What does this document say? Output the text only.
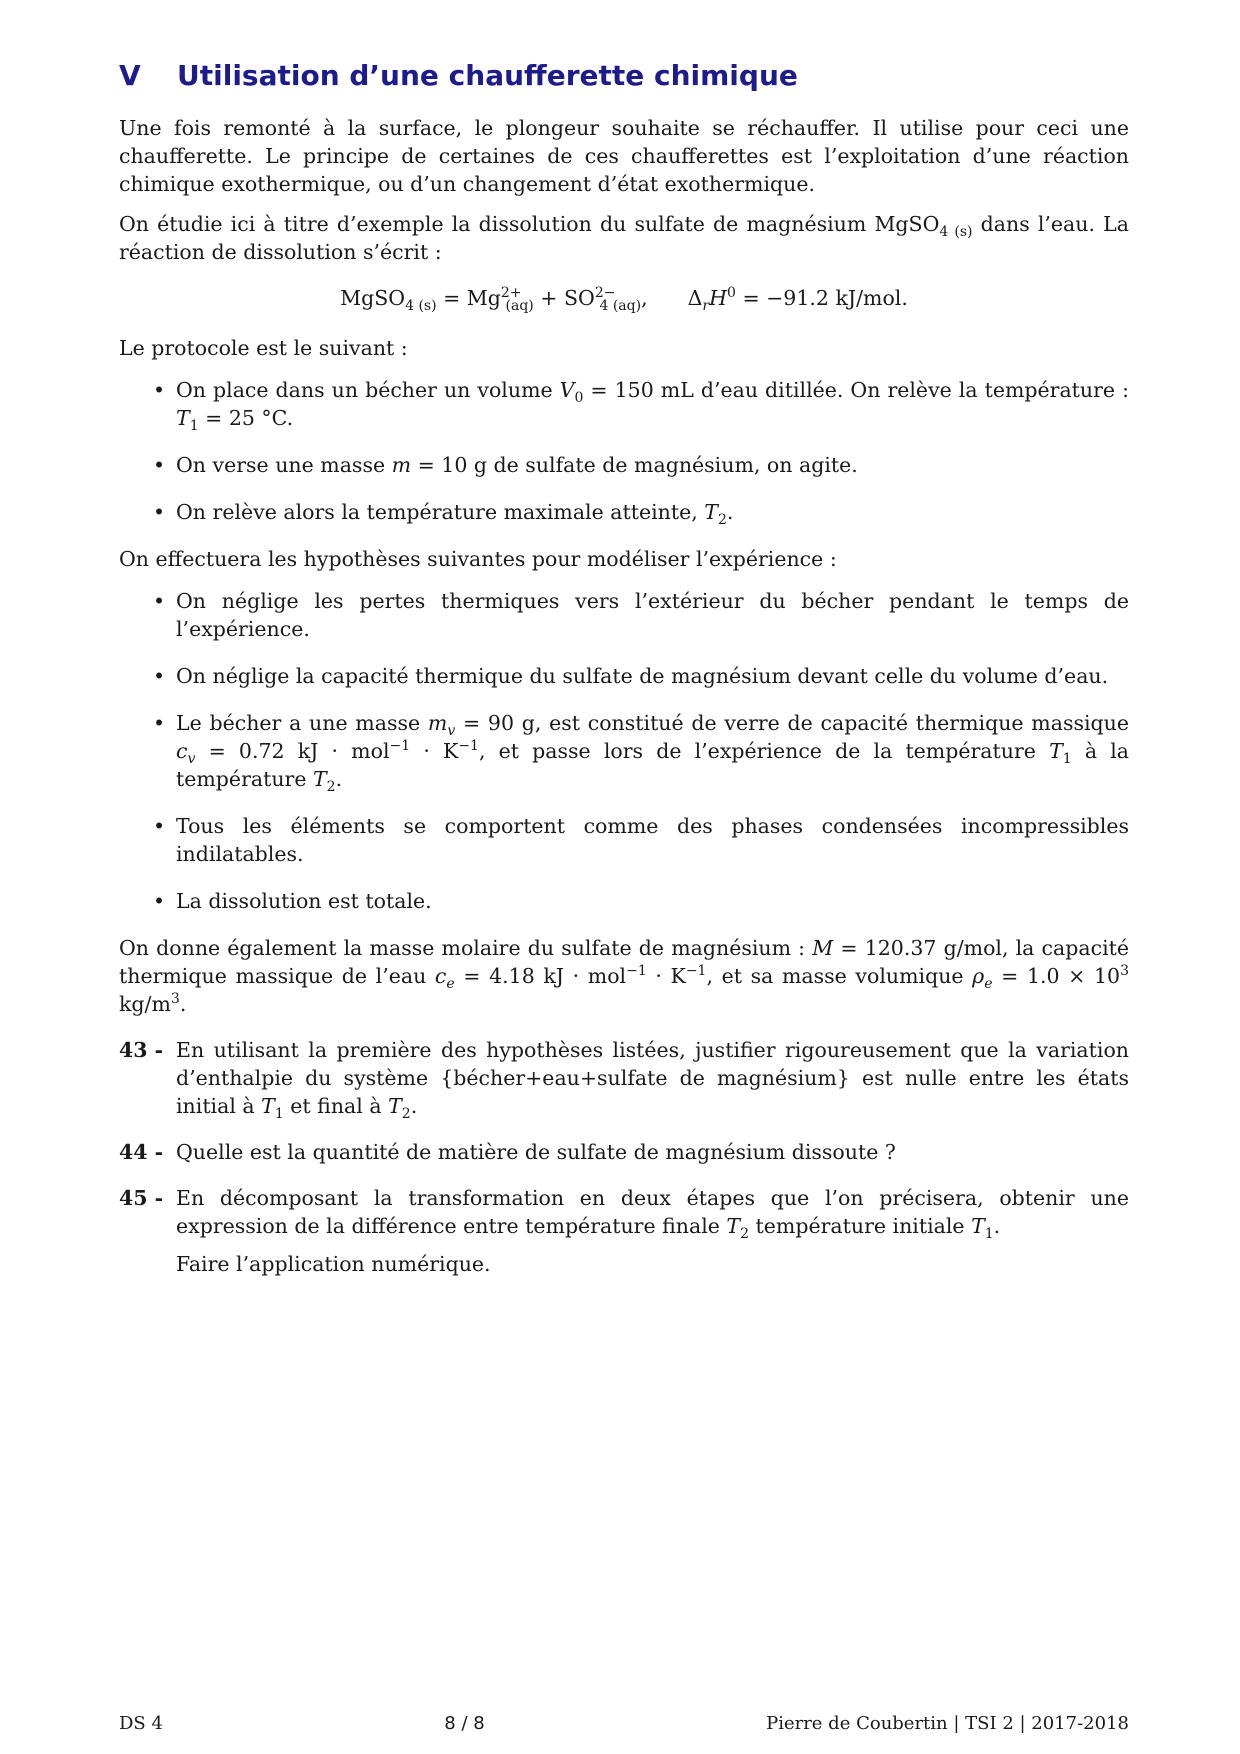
V	Utilisation d’une chaufferette chimique

Une fois remonté à la surface, le plongeur souhaite se réchauffer. Il utilise pour ceci une chaufferette. Le principe de certaines de ces chaufferettes est l’exploitation d’une réaction chimique exothermique, ou d’un changement d’état exothermique.

On étudie ici à titre d’exemple la dissolution du sulfate de magnésium MgSO$_{4 (s)}$ dans l’eau. La réaction de dissolution s’écrit :

MgSO$_{4 (s)}$ = $Mg^{2+}_{(aq)} + SO^{2-}_{4 (aq)}$, $\Delta_rH^0 = -91.2$ kJ/mol.

Le protocole est le suivant :

• On place dans un bécher un volume $V_0 = 150$ mL d’eau ditillée. On relève la température : $T_1 = 25$ °C.
• On verse une masse m = 10 g de sulfate de magnésium, on agite.
• On relève alors la température maximale atteinte, $T_2$.

On effectuera les hypothèses suivantes pour modéliser l’expérience :

• On néglige les pertes thermiques vers l’extérieur du bécher pendant le temps de l’expérience.
• On néglige la capacité thermique du sulfate de magnésium devant celle du volume d’eau.
• Le bécher a une masse $m_v = 90$ g, est constitué de verre de capacité thermique massique $c_v = 0.72$ kJ · $mol^{-1} \cdot K^{-1}$, et passe lors de l’expérience de la température $T_1$ à la température $T_2$.
• Tous les éléments se comportent comme des phases condensées incompressibles indilatables.
• La dissolution est totale.

On donne également la masse molaire du sulfate de magnésium : M = 120.37 g/mol, la capacité thermique massique de l’eau $c_e = 4.18$ kJ · $mol^{-1} \cdot K^{-1}$, et sa masse volumique $\rho_e = 1.0 \times 10^3$ $kg/m^3$.

43 - En utilisant la première des hypothèses listées, justifier rigoureusement que la variation d’enthalpie du système {bécher+eau+sulfate de magnésium} est nulle entre les états initial à $T_1$ et final à $T_2$.
44 - Quelle est la quantité de matière de sulfate de magnésium dissoute ?
45 - En décomposant la transformation en deux étapes que l’on précisera, obtenir une expression de la différence entre température finale $T_2$ température initiale $T_1$.
Faire l’application numérique.
DS 4	8 / 8	Pierre de Coubertin | TSI 2 | 2017-2018
